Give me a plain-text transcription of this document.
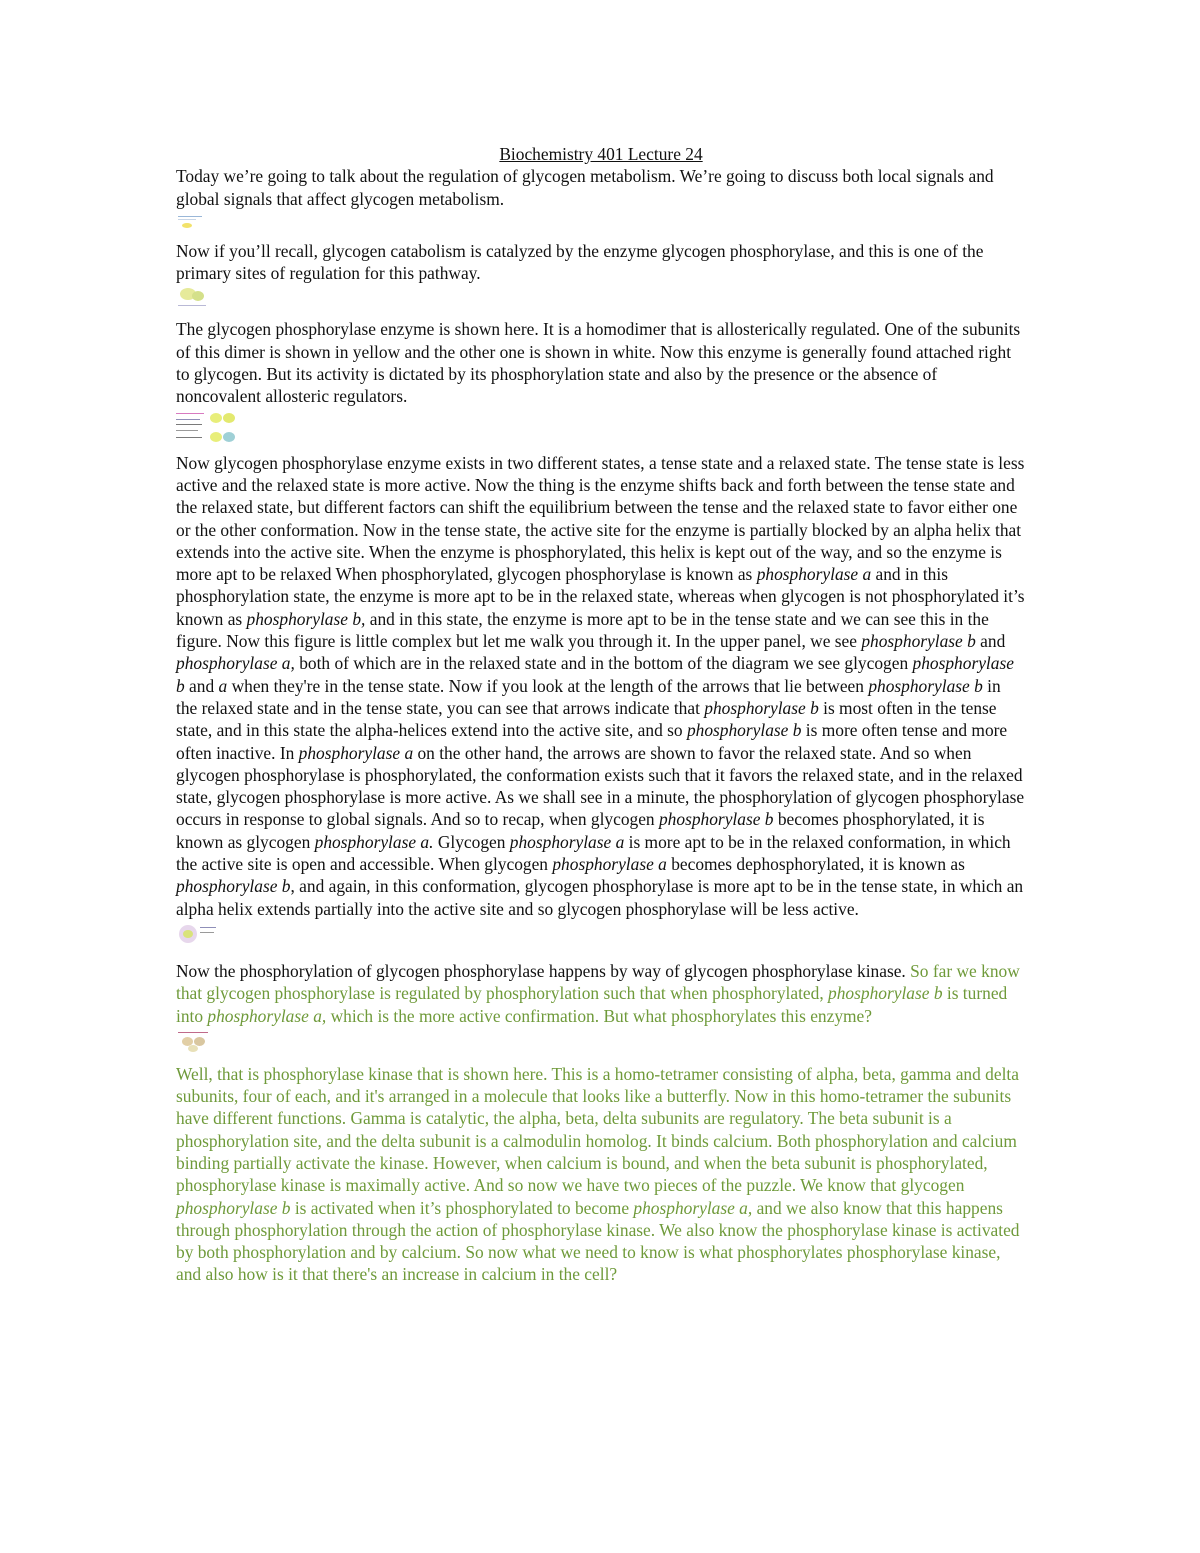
Biochemistry 401 Lecture 24

Today we’re going to talk about the regulation of glycogen metabolism. We’re going to discuss both local signals and global signals that affect glycogen metabolism.

Now if you’ll recall, glycogen catabolism is catalyzed by the enzyme glycogen phosphorylase, and this is one of the primary sites of regulation for this pathway.

The glycogen phosphorylase enzyme is shown here. It is a homodimer that is allosterically regulated. One of the subunits of this dimer is shown in yellow and the other one is shown in white. Now this enzyme is generally found attached right to glycogen. But its activity is dictated by its phosphorylation state and also by the presence or the absence of noncovalent allosteric regulators.

Now glycogen phosphorylase enzyme exists in two different states, a tense state and a relaxed state. The tense state is less active and the relaxed state is more active. Now the thing is the enzyme shifts back and forth between the tense state and the relaxed state, but different factors can shift the equilibrium between the tense and the relaxed state to favor either one or the other conformation. Now in the tense state, the active site for the enzyme is partially blocked by an alpha helix that extends into the active site. When the enzyme is phosphorylated, this helix is kept out of the way, and so the enzyme is more apt to be relaxed When phosphorylated, glycogen phosphorylase is known as phosphorylase a and in this phosphorylation state, the enzyme is more apt to be in the relaxed state, whereas when glycogen is not phosphorylated it’s known as phosphorylase b, and in this state, the enzyme is more apt to be in the tense state and we can see this in the figure. Now this figure is little complex but let me walk you through it. In the upper panel, we see phosphorylase b and phosphorylase a, both of which are in the relaxed state and in the bottom of the diagram we see glycogen phosphorylase b and a when they're in the tense state. Now if you look at the length of the arrows that lie between phosphorylase b in the relaxed state and in the tense state, you can see that arrows indicate that phosphorylase b is most often in the tense state, and in this state the alpha-helices extend into the active site, and so phosphorylase b is more often tense and more often inactive. In phosphorylase a on the other hand, the arrows are shown to favor the relaxed state. And so when glycogen phosphorylase is phosphorylated, the conformation exists such that it favors the relaxed state, and in the relaxed state, glycogen phosphorylase is more active. As we shall see in a minute, the phosphorylation of glycogen phosphorylase occurs in response to global signals. And so to recap, when glycogen phosphorylase b becomes phosphorylated, it is known as glycogen phosphorylase a. Glycogen phosphorylase a is more apt to be in the relaxed conformation, in which the active site is open and accessible. When glycogen phosphorylase a becomes dephosphorylated, it is known as phosphorylase b, and again, in this conformation, glycogen phosphorylase is more apt to be in the tense state, in which an alpha helix extends partially into the active site and so glycogen phosphorylase will be less active.

Now the phosphorylation of glycogen phosphorylase happens by way of glycogen phosphorylase kinase. So far we know that glycogen phosphorylase is regulated by phosphorylation such that when phosphorylated, phosphorylase b is turned into phosphorylase a, which is the more active confirmation. But what phosphorylates this enzyme?

Well, that is phosphorylase kinase that is shown here. This is a homo-tetramer consisting of alpha, beta, gamma and delta subunits, four of each, and it's arranged in a molecule that looks like a butterfly. Now in this homo-tetramer the subunits have different functions. Gamma is catalytic, the alpha, beta, delta subunits are regulatory. The beta subunit is a phosphorylation site, and the delta subunit is a calmodulin homolog. It binds calcium. Both phosphorylation and calcium binding partially activate the kinase. However, when calcium is bound, and when the beta subunit is phosphorylated, phosphorylase kinase is maximally active. And so now we have two pieces of the puzzle. We know that glycogen phosphorylase b is activated when it’s phosphorylated to become phosphorylase a, and we also know that this happens through phosphorylation through the action of phosphorylase kinase. We also know the phosphorylase kinase is activated by both phosphorylation and by calcium. So now what we need to know is what phosphorylates phosphorylase kinase, and also how is it that there's an increase in calcium in the cell?
